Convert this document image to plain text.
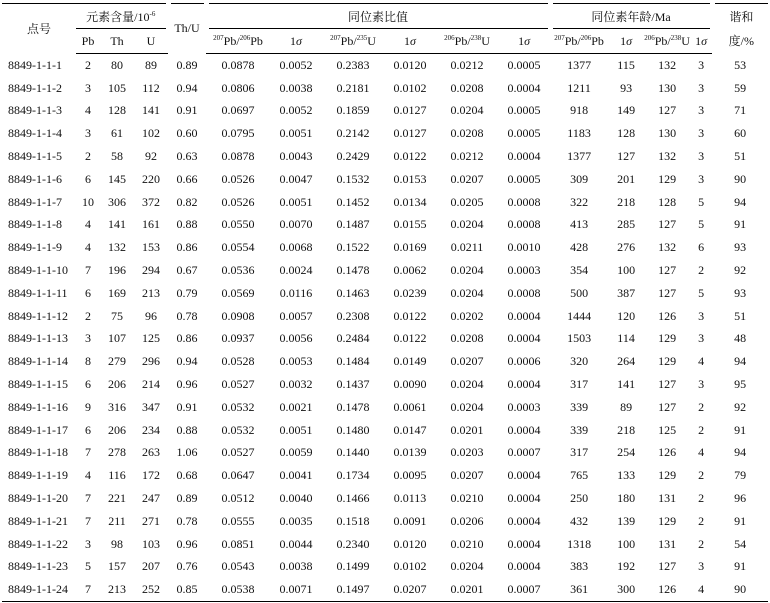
点号	元素含量$/10^{-6}$			Th/U	同位素比值						同位素年龄/Ma				谐和
度/%
	Pb	Th	U		$^{207}$Pb/$^{206}$Pb	1σ	$^{207}$Pb/$^{235}$U	1σ	$^{206}$Pb/$^{238}$U	1σ	$^{207}$Pb/$^{206}$Pb	1σ	$^{206}$Pb/$^{238}$U	1σ	
8849-1-1-1	2	80	89	0.89	0.0878	0.0052	0.2383	0.0120	0.0212	0.0005	1377	115	132	3	53
8849-1-1-2	3	105	112	0.94	0.0806	0.0038	0.2181	0.0102	0.0208	0.0004	1211	93	130	3	59
8849-1-1-3	4	128	141	0.91	0.0697	0.0052	0.1859	0.0127	0.0204	0.0005	918	149	127	3	71
8849-1-1-4	3	61	102	0.60	0.0795	0.0051	0.2142	0.0127	0.0208	0.0005	1183	128	130	3	60
8849-1-1-5	2	58	92	0.63	0.0878	0.0043	0.2429	0.0122	0.0212	0.0004	1377	127	132	3	51
8849-1-1-6	6	145	220	0.66	0.0526	0.0047	0.1532	0.0153	0.0207	0.0005	309	201	129	3	90
8849-1-1-7	10	306	372	0.82	0.0526	0.0051	0.1452	0.0134	0.0205	0.0008	322	218	128	5	94
8849-1-1-8	4	141	161	0.88	0.0550	0.0070	0.1487	0.0155	0.0204	0.0008	413	285	127	5	91
8849-1-1-9	4	132	153	0.86	0.0554	0.0068	0.1522	0.0169	0.0211	0.0010	428	276	132	6	93
8849-1-1-10	7	196	294	0.67	0.0536	0.0024	0.1478	0.0062	0.0204	0.0003	354	100	127	2	92
8849-1-1-11	6	169	213	0.79	0.0569	0.0116	0.1463	0.0239	0.0204	0.0008	500	387	127	5	93
8849-1-1-12	2	75	96	0.78	0.0908	0.0057	0.2308	0.0122	0.0202	0.0004	1444	120	126	3	51
8849-1-1-13	3	107	125	0.86	0.0937	0.0056	0.2484	0.0122	0.0208	0.0004	1503	114	129	3	48
8849-1-1-14	8	279	296	0.94	0.0528	0.0053	0.1484	0.0149	0.0207	0.0006	320	264	129	4	94
8849-1-1-15	6	206	214	0.96	0.0527	0.0032	0.1437	0.0090	0.0204	0.0004	317	141	127	3	95
8849-1-1-16	9	316	347	0.91	0.0532	0.0021	0.1478	0.0061	0.0204	0.0003	339	89	127	2	92
8849-1-1-17	6	206	234	0.88	0.0532	0.0051	0.1480	0.0147	0.0201	0.0004	339	218	125	2	91
8849-1-1-18	7	278	263	1.06	0.0527	0.0059	0.1440	0.0139	0.0203	0.0007	317	254	126	4	94
8849-1-1-19	4	116	172	0.68	0.0647	0.0041	0.1734	0.0095	0.0207	0.0004	765	133	129	2	79
8849-1-1-20	7	221	247	0.89	0.0512	0.0040	0.1466	0.0113	0.0210	0.0004	250	180	131	2	96
8849-1-1-21	7	211	271	0.78	0.0555	0.0035	0.1518	0.0091	0.0206	0.0004	432	139	129	2	91
8849-1-1-22	3	98	103	0.96	0.0851	0.0044	0.2340	0.0120	0.0210	0.0004	1318	100	131	2	54
8849-1-1-23	5	157	207	0.76	0.0543	0.0038	0.1499	0.0102	0.0204	0.0004	383	192	127	3	91
8849-1-1-24	7	213	252	0.85	0.0538	0.0071	0.1497	0.0207	0.0201	0.0007	361	300	126	4	90
